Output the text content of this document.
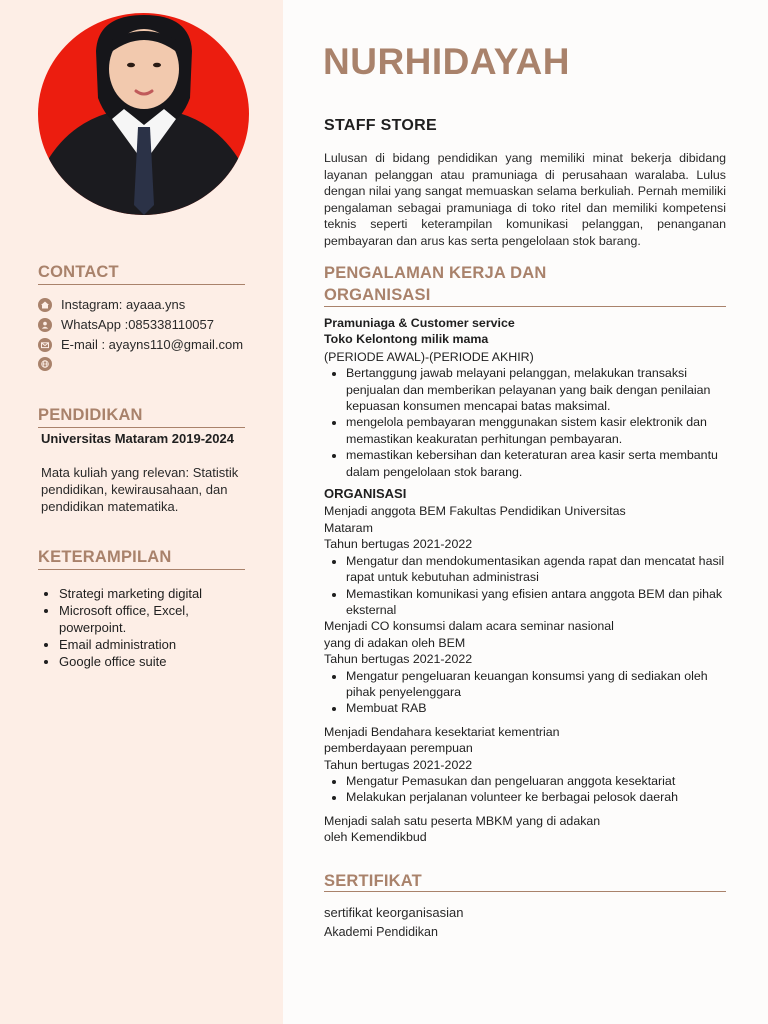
CONTACT
Instagram: ayaaa.yns
WhatsApp :085338110057
E-mail : ayayns110@gmail.com
PENDIDIKAN

Universitas Mataram 2019-2024

Mata kuliah yang relevan: Statistik pendidikan, kewirausahaan, dan pendidikan matematika.
KETERAMPILAN
• Strategi marketing digital
• Microsoft office, Excel, powerpoint.
• Email administration
• Google office suite
NURHIDAYAH
STAFF STORE

Lulusan di bidang pendidikan yang memiliki minat bekerja dibidang layanan pelanggan atau pramuniaga di perusahaan waralaba. Lulus dengan nilai yang sangat memuaskan selama berkuliah. Pernah memiliki pengalaman sebagai pramuniaga di toko ritel dan memiliki kompetensi teknis seperti keterampilan komunikasi pelanggan, penanganan pembayaran dan arus kas serta pengelolaan stok barang.

PENGALAMAN KERJA DAN
ORGANISASI

Pramuniaga & Customer service

Toko Kelontong milik mama

(PERIODE AWAL)-(PERIODE AKHIR)

• Bertanggung jawab melayani pelanggan, melakukan transaksi penjualan dan memberikan pelayanan yang baik dengan penilaian kepuasan konsumen mencapai batas maksimal.
• mengelola pembayaran menggunakan sistem kasir elektronik dan memastikan keakuratan perhitungan pembayaran.
• memastikan kebersihan dan keteraturan area kasir serta membantu dalam pengelolaan stok barang.

ORGANISASI

Menjadi anggota BEM Fakultas Pendidikan Universitas

Mataram

Tahun bertugas 2021-2022

• Mengatur dan mendokumentasikan agenda rapat dan mencatat hasil rapat untuk kebutuhan administrasi
• Memastikan komunikasi yang efisien antara anggota BEM dan pihak eksternal

Menjadi CO konsumsi dalam acara seminar nasional

yang di adakan oleh BEM

Tahun bertugas 2021-2022

• Mengatur pengeluaran keuangan konsumsi yang di sediakan oleh pihak penyelenggara
• Membuat RAB

Menjadi Bendahara kesektariat kementrian

pemberdayaan perempuan

Tahun bertugas 2021-2022

• Mengatur Pemasukan dan pengeluaran anggota kesektariat
• Melakukan perjalanan volunteer ke berbagai pelosok daerah

Menjadi salah satu peserta MBKM yang di adakan

oleh Kemendikbud

SERTIFIKAT

sertifikat keorganisasian

Akademi Pendidikan
